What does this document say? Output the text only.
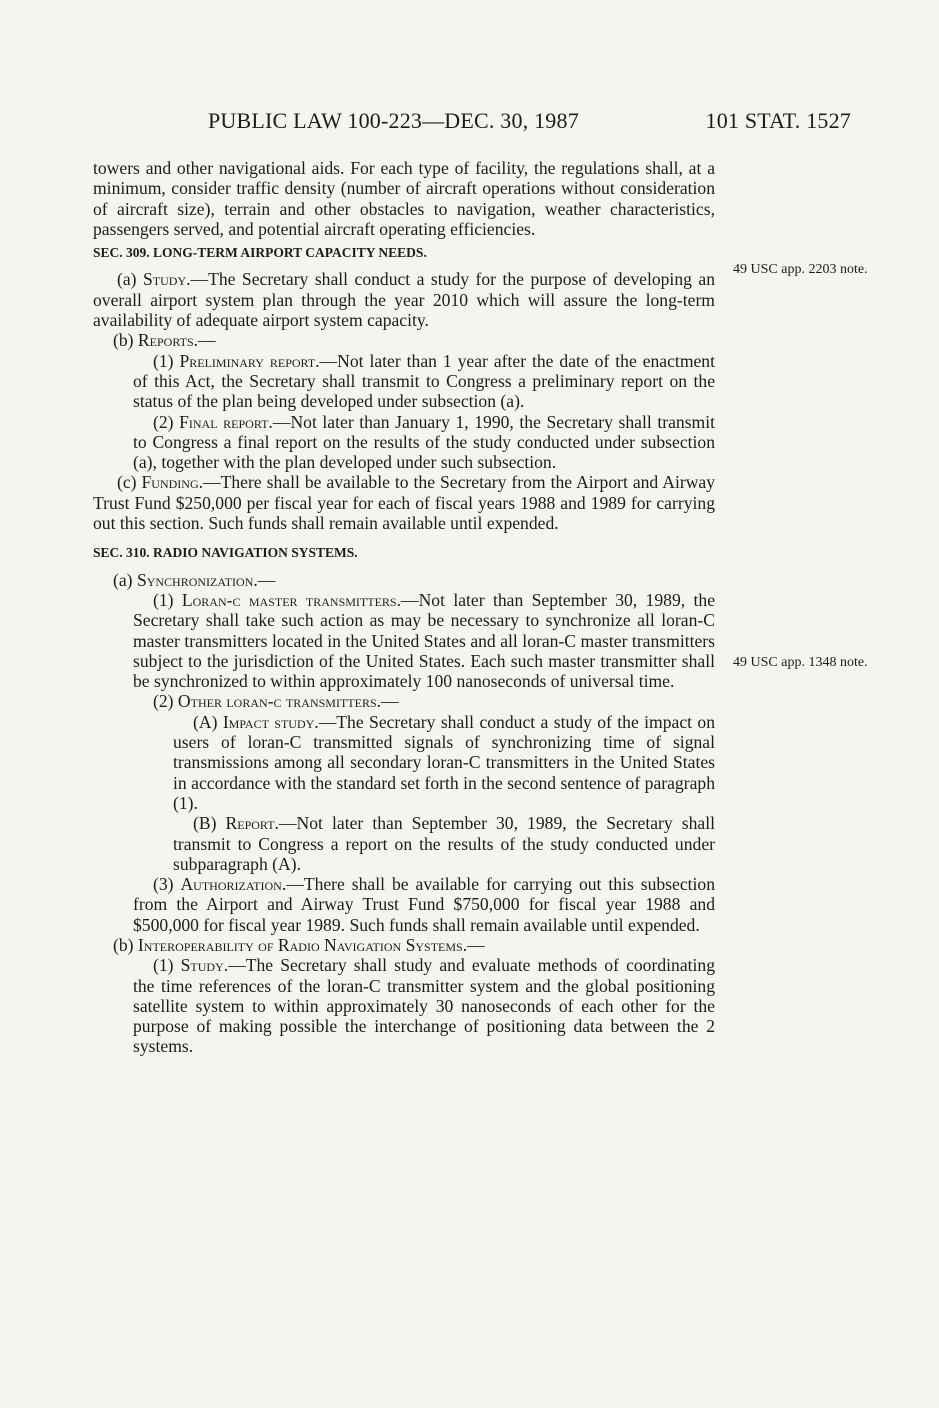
PUBLIC LAW 100-223—DEC. 30, 1987	101 STAT. 1527
49 USC app. 2203 note.
49 USC app. 1348 note.

towers and other navigational aids. For each type of facility, the regulations shall, at a minimum, consider traffic density (number of aircraft operations without consideration of aircraft size), terrain and other obstacles to navigation, weather characteristics, passengers served, and potential aircraft operating efficiencies.

SEC. 309. LONG-TERM AIRPORT CAPACITY NEEDS.

(a) Study.—The Secretary shall conduct a study for the purpose of developing an overall airport system plan through the year 2010 which will assure the long-term availability of adequate airport system capacity.

(b) Reports.—

(1) Preliminary report.—Not later than 1 year after the date of the enactment of this Act, the Secretary shall transmit to Congress a preliminary report on the status of the plan being developed under subsection (a).

(2) Final report.—Not later than January 1, 1990, the Secretary shall transmit to Congress a final report on the results of the study conducted under subsection (a), together with the plan developed under such subsection.

(c) Funding.—There shall be available to the Secretary from the Airport and Airway Trust Fund $250,000 per fiscal year for each of fiscal years 1988 and 1989 for carrying out this section. Such funds shall remain available until expended.

SEC. 310. RADIO NAVIGATION SYSTEMS.

(a) Synchronization.—

(1) Loran-c master transmitters.—Not later than September 30, 1989, the Secretary shall take such action as may be necessary to synchronize all loran-C master transmitters located in the United States and all loran-C master transmitters subject to the jurisdiction of the United States. Each such master transmitter shall be synchronized to within approximately 100 nanoseconds of universal time.

(2) Other loran-c transmitters.—

(A) Impact study.—The Secretary shall conduct a study of the impact on users of loran-C transmitted signals of synchronizing time of signal transmissions among all secondary loran-C transmitters in the United States in accordance with the standard set forth in the second sentence of paragraph (1).

(B) Report.—Not later than September 30, 1989, the Secretary shall transmit to Congress a report on the results of the study conducted under subparagraph (A).

(3) Authorization.—There shall be available for carrying out this subsection from the Airport and Airway Trust Fund $750,000 for fiscal year 1988 and $500,000 for fiscal year 1989. Such funds shall remain available until expended.

(b) Interoperability of Radio Navigation Systems.—

(1) Study.—The Secretary shall study and evaluate methods of coordinating the time references of the loran-C transmitter system and the global positioning satellite system to within approximately 30 nanoseconds of each other for the purpose of making possible the interchange of positioning data between the 2 systems.
